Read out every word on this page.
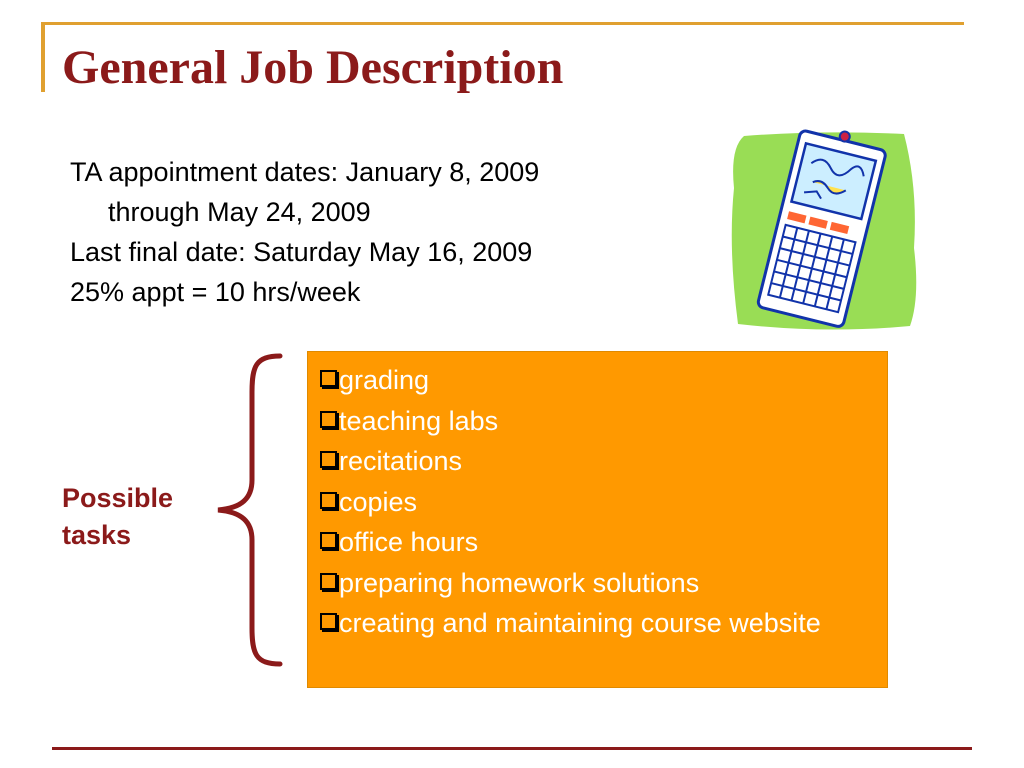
General Job Description
TA appointment dates: January 8, 2009
through May 24, 2009
Last final date: Saturday May 16, 2009
25% appt = 10 hrs/week
Possible
tasks
grading
teaching labs
recitations
copies
office hours
preparing homework solutions
creating and maintaining course website
